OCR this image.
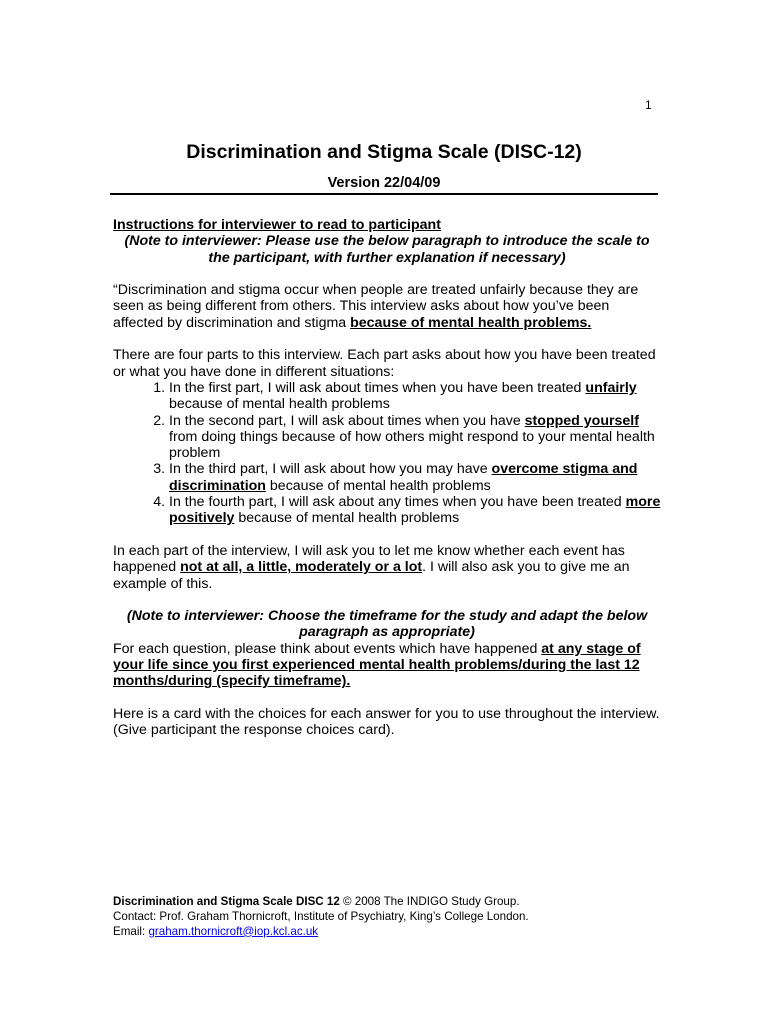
1
Discrimination and Stigma Scale (DISC-12)
Version 22/04/09

Instructions for interviewer to read to participant

(Note to interviewer: Please use the below paragraph to introduce the scale to the participant, with further explanation if necessary)

“Discrimination and stigma occur when people are treated unfairly because they are seen as being different from others. This interview asks about how you’ve been affected by discrimination and stigma because of mental health problems.

There are four parts to this interview. Each part asks about how you have been treated or what you have done in different situations:

1. In the first part, I will ask about times when you have been treated unfairly because of mental health problems
2. In the second part, I will ask about times when you have stopped yourself from doing things because of how others might respond to your mental health problem
3. In the third part, I will ask about how you may have overcome stigma and discrimination because of mental health problems
4. In the fourth part, I will ask about any times when you have been treated more positively because of mental health problems

In each part of the interview, I will ask you to let me know whether each event has happened not at all, a little, moderately or a lot. I will also ask you to give me an example of this.

(Note to interviewer: Choose the timeframe for the study and adapt the below paragraph as appropriate)

For each question, please think about events which have happened at any stage of your life since you first experienced mental health problems/during the last 12 months/during (specify timeframe).

Here is a card with the choices for each answer for you to use throughout the interview. (Give participant the response choices card).

Discrimination and Stigma Scale DISC 12 © 2008 The INDIGO Study Group.

Contact: Prof. Graham Thornicroft, Institute of Psychiatry, King’s College London.

Email: graham.thornicroft@iop.kcl.ac.uk
